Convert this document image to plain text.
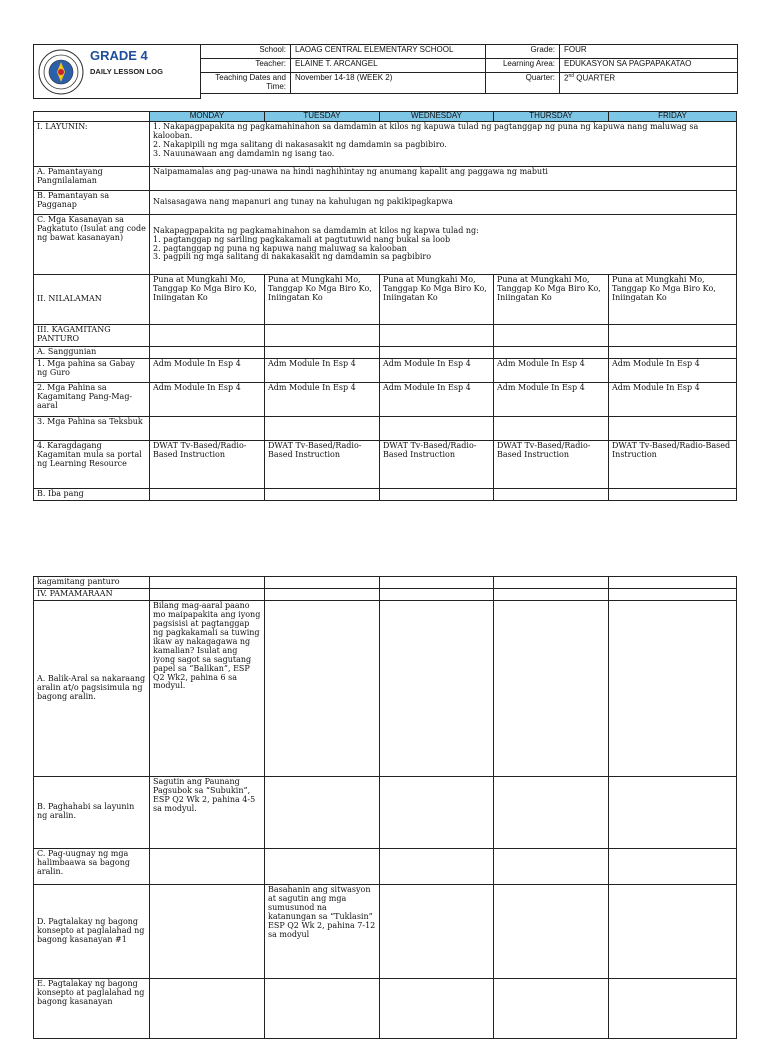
GRADE 4
DAILY LESSON LOG
School:	LAOAG CENTRAL ELEMENTARY SCHOOL	Grade:	FOUR
Teacher:	ELAINE T. ARCANGEL	Learning Area:	EDUKASYON SA PAGPAPAKATAO
Teaching Dates and Time:	November 14-18 (WEEK 2)	Quarter:	2nd QUARTER
	MONDAY	TUESDAY	WEDNESDAY	THURSDAY	FRIDAY
I. LAYUNIN:	1. Nakapagpapakita ng pagkamahinahon sa damdamin at kilos ng kapuwa tulad ng pagtanggap ng puna ng kapuwa nang maluwag sa kalooban.
2. Nakapipili ng mga salitang di nakasasakit ng damdamin sa pagbibiro.
3. Nauunawaan ang damdamin ng isang tao.				

A. Pamantayang Pangnilalaman	Naipamamalas ang pag-unawa na hindi naghihintay ng anumang kapalit ang paggawa ng mabuti				
B. Pamantayan sa Pagganap	Naisasagawa nang mapanuri ang tunay na kahulugan ng pakikipagkapwa				
C. Mga Kasanayan sa Pagkatuto (Isulat ang code ng bawat kasanayan)	Nakapagpapakita ng pagkamahinahon sa damdamin at kilos ng kapwa tulad ng:
1. pagtanggap ng sariling pagkakamali at pagtutuwid nang bukal sa loob
2. pagtanggap ng puna ng kapuwa nang maluwag sa kalooban
3. pagpili ng mga salitang di nakakasakit ng damdamin sa pagbibiro				

II. NILALAMAN	Puna at Mungkahi Mo, Tanggap Ko Mga Biro Ko, Iniingatan Ko	Puna at Mungkahi Mo, Tanggap Ko Mga Biro Ko, Iniingatan Ko	Puna at Mungkahi Mo, Tanggap Ko Mga Biro Ko, Iniingatan Ko	Puna at Mungkahi Mo, Tanggap Ko Mga Biro Ko, Iniingatan Ko	Puna at Mungkahi Mo, Tanggap Ko Mga Biro Ko, Iniingatan Ko
III. KAGAMITANG PANTURO					
A. Sanggunian					
1. Mga pahina sa Gabay ng Guro	Adm Module In Esp 4	Adm Module In Esp 4	Adm Module In Esp 4	Adm Module In Esp 4	Adm Module In Esp 4
2. Mga Pahina sa Kagamitang Pang-Mag-aaral	Adm Module In Esp 4	Adm Module In Esp 4	Adm Module In Esp 4	Adm Module In Esp 4	Adm Module In Esp 4
3. Mga Pahina sa Teksbuk					
4. Karagdagang Kagamitan mula sa portal ng Learning Resource	DWAT Tv-Based/Radio-Based Instruction	DWAT Tv-Based/Radio-Based Instruction	DWAT Tv-Based/Radio-Based Instruction	DWAT Tv-Based/Radio-Based Instruction	DWAT Tv-Based/Radio-Based Instruction
B. Iba pang					
kagamitang panturo					
IV. PAMAMARAAN					
A. Balik-Aral sa nakaraang aralin at/o pagsisimula ng bagong aralin.	Bilang mag-aaral paano mo maipapakita ang iyong pagsisisi at pagtanggap ng pagkakamali sa tuwing ikaw ay nakagagawa ng kamalian? Isulat ang iyong sagot sa sagutang papel sa “Balikan”, ESP Q2 Wk2, pahina 6 sa modyul.				
B. Paghahabi sa layunin ng aralin.	Sagutin ang Paunang Pagsubok sa “Subukin”, ESP Q2 Wk 2, pahina 4-5 sa modyul.				
C. Pag-uugnay ng mga halimbaawa sa bagong aralin.					
D. Pagtalakay ng bagong konsepto at paglalahad ng bagong kasanayan #1		Basahanin ang sitwasyon at sagutin ang mga sumusunod na katanungan sa “Tuklasin” ESP Q2 Wk 2, pahina 7-12 sa modyul			
E. Pagtalakay ng bagong konsepto at paglalahad ng bagong kasanayan					
